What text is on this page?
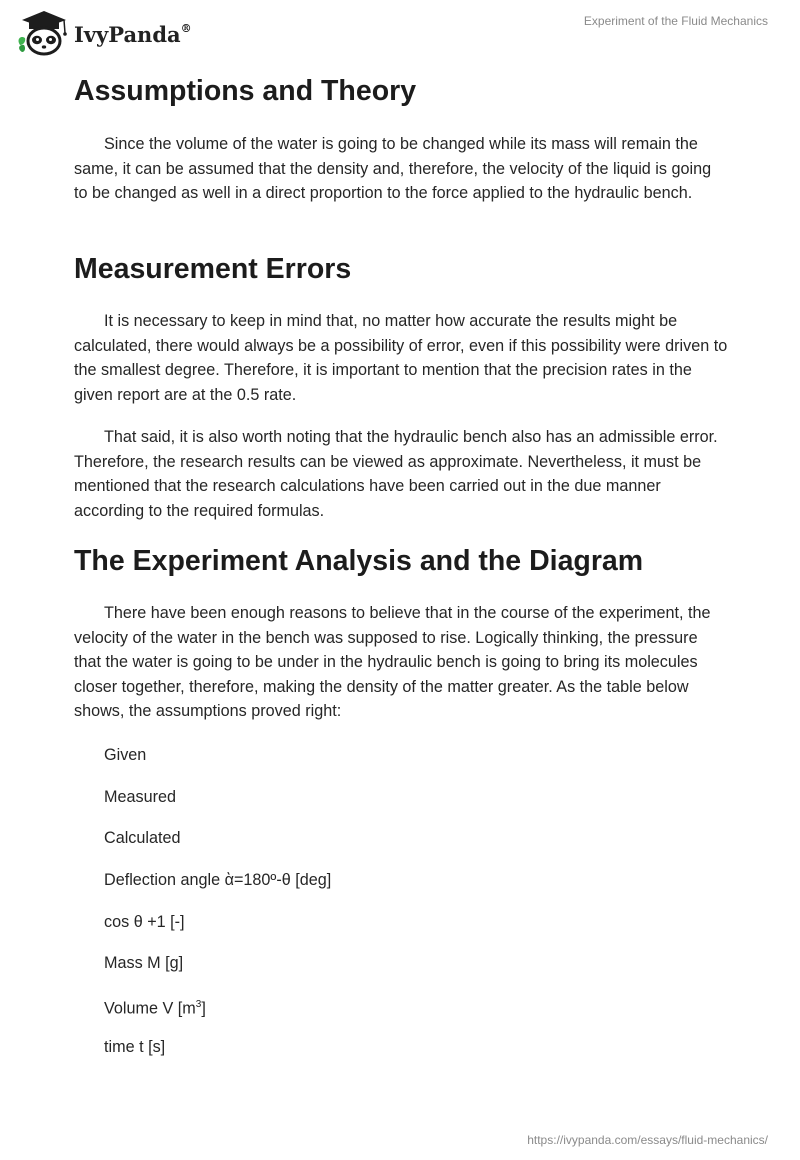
IvyPanda®	Experiment of the Fluid Mechanics
Assumptions and Theory

Since the volume of the water is going to be changed while its mass will remain the same, it can be assumed that the density and, therefore, the velocity of the liquid is going to be changed as well in a direct proportion to the force applied to the hydraulic bench.

Measurement Errors

It is necessary to keep in mind that, no matter how accurate the results might be calculated, there would always be a possibility of error, even if this possibility were driven to the smallest degree. Therefore, it is important to mention that the precision rates in the given report are at the 0.5 rate.

That said, it is also worth noting that the hydraulic bench also has an admissible error. Therefore, the research results can be viewed as approximate. Nevertheless, it must be mentioned that the research calculations have been carried out in the due manner according to the required formulas.

The Experiment Analysis and the Diagram

There have been enough reasons to believe that in the course of the experiment, the velocity of the water in the bench was supposed to rise. Logically thinking, the pressure that the water is going to be under in the hydraulic bench is going to bring its molecules closer together, therefore, making the density of the matter greater. As the table below shows, the assumptions proved right:

Given
Measured
Calculated
Deflection angle ὰ=180º-θ [deg]
cos θ +1 [-]
Mass M [g]
Volume V $[m^3]$
time t [s]
https://ivypanda.com/essays/fluid-mechanics/
